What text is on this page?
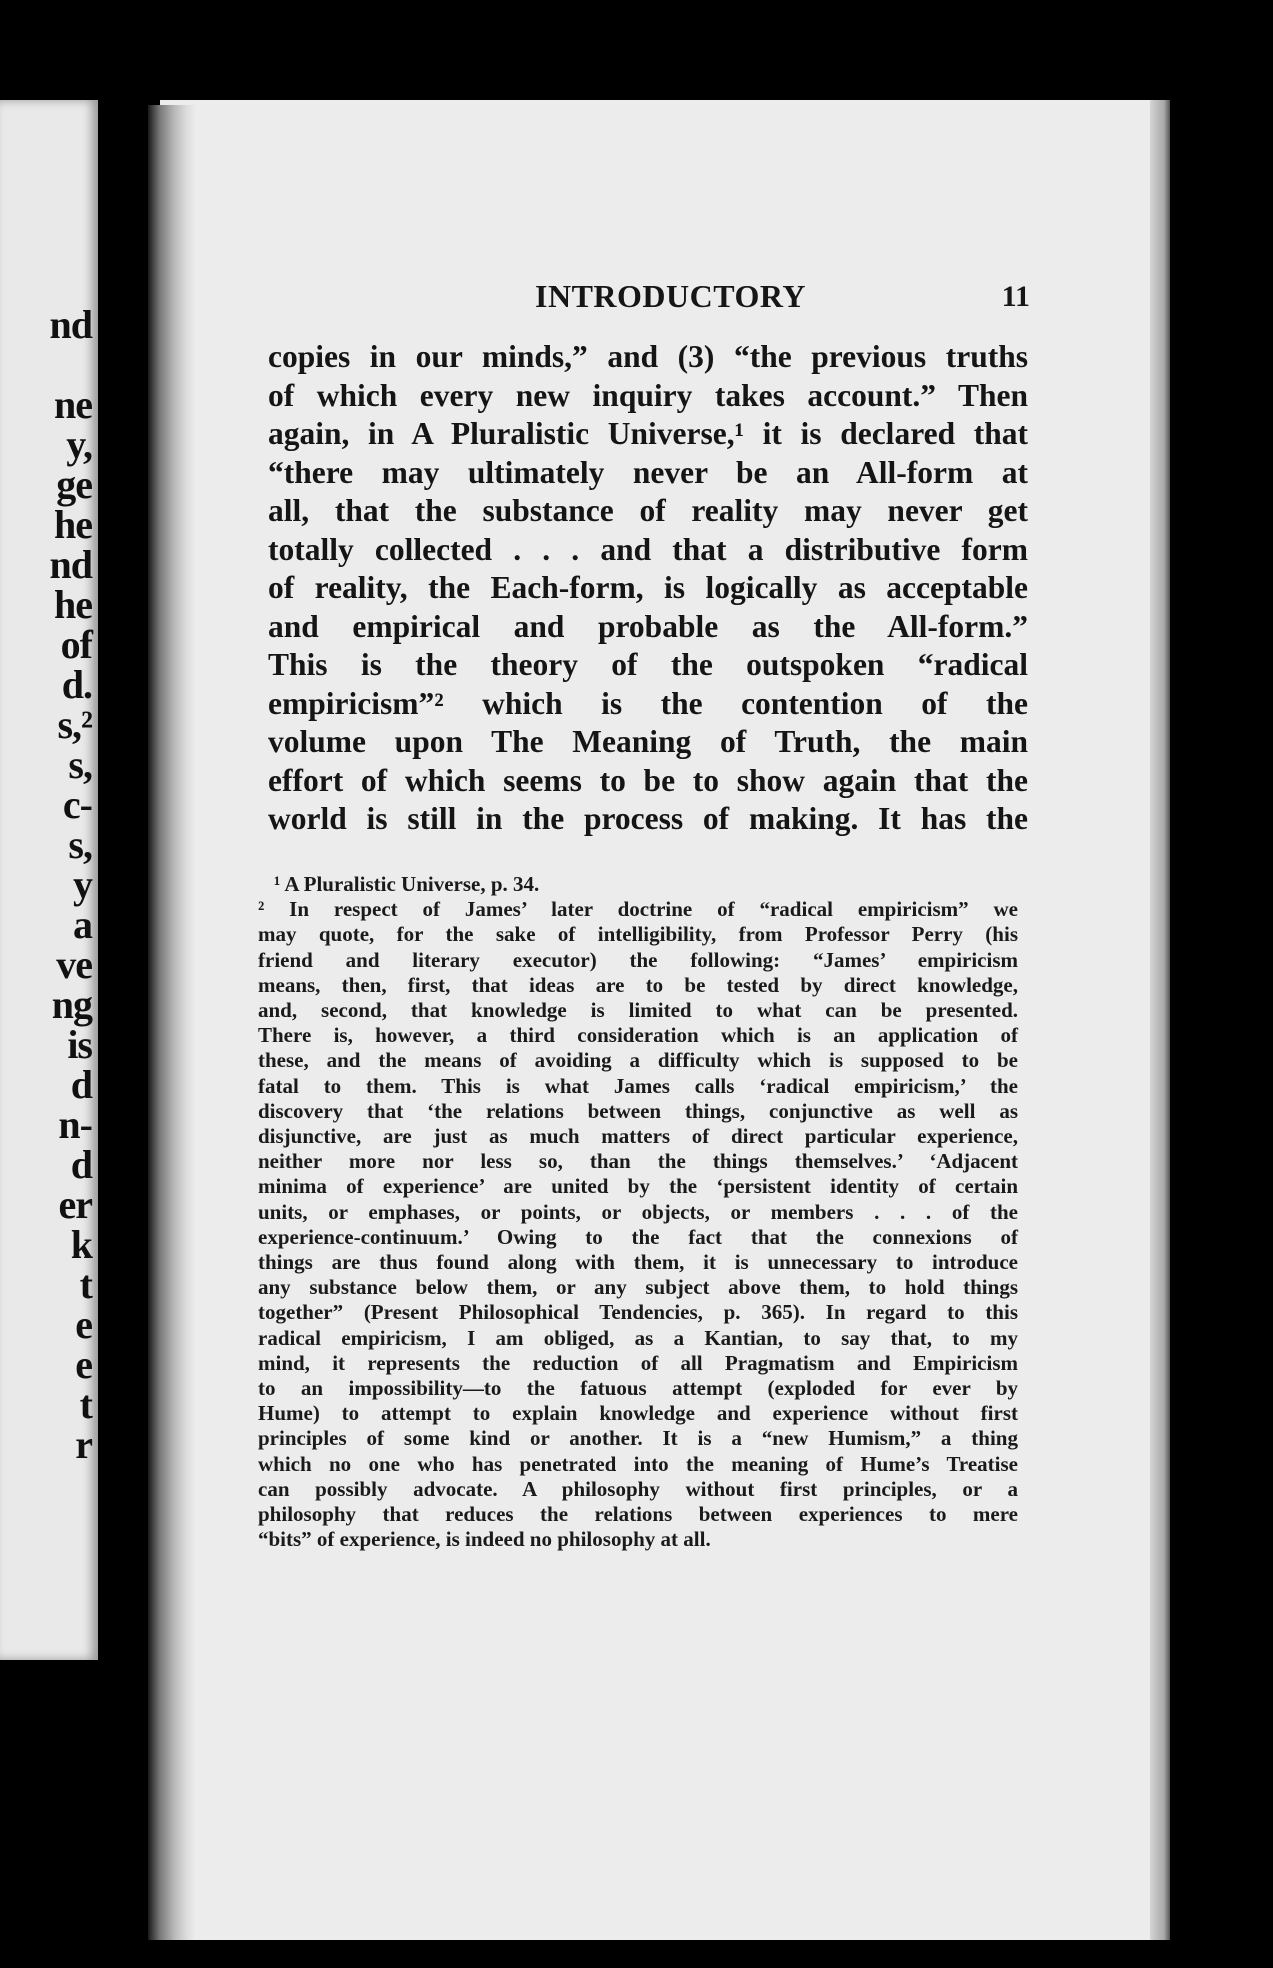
nd
ne
y,
ge
he
nd
he
of
d.
s,²
s,
c-
s,
y
a
ve
ng
is
d
n-
d
er
k
t
e
e
t
r
INTRODUCTORY	11
copies in our minds,” and (3) “the previous truths
of which every new inquiry takes account.” Then
again, in A Pluralistic Universe,¹ it is declared that
“there may ultimately never be an All-form at
all, that the substance of reality may never get
totally collected . . . and that a distributive form
of reality, the Each-form, is logically as acceptable
and empirical and probable as the All-form.”
This is the theory of the outspoken “radical
empiricism”² which is the contention of the
volume upon The Meaning of Truth, the main
effort of which seems to be to show again that the
world is still in the process of making. It has the
¹ A Pluralistic Universe, p. 34.
² In respect of James’ later doctrine of “radical empiricism” we
may quote, for the sake of intelligibility, from Professor Perry (his
friend and literary executor) the following: “James’ empiricism
means, then, first, that ideas are to be tested by direct knowledge,
and, second, that knowledge is limited to what can be presented.
There is, however, a third consideration which is an application of
these, and the means of avoiding a difficulty which is supposed to be
fatal to them. This is what James calls ‘radical empiricism,’ the
discovery that ‘the relations between things, conjunctive as well as
disjunctive, are just as much matters of direct particular experience,
neither more nor less so, than the things themselves.’ ‘Adjacent
minima of experience’ are united by the ‘persistent identity of certain
units, or emphases, or points, or objects, or members . . . of the
experience-continuum.’ Owing to the fact that the connexions of
things are thus found along with them, it is unnecessary to introduce
any substance below them, or any subject above them, to hold things
together” (Present Philosophical Tendencies, p. 365). In regard to this
radical empiricism, I am obliged, as a Kantian, to say that, to my
mind, it represents the reduction of all Pragmatism and Empiricism
to an impossibility—to the fatuous attempt (exploded for ever by
Hume) to attempt to explain knowledge and experience without first
principles of some kind or another. It is a “new Humism,” a thing
which no one who has penetrated into the meaning of Hume’s Treatise
can possibly advocate. A philosophy without first principles, or a
philosophy that reduces the relations between experiences to mere
“bits” of experience, is indeed no philosophy at all.
